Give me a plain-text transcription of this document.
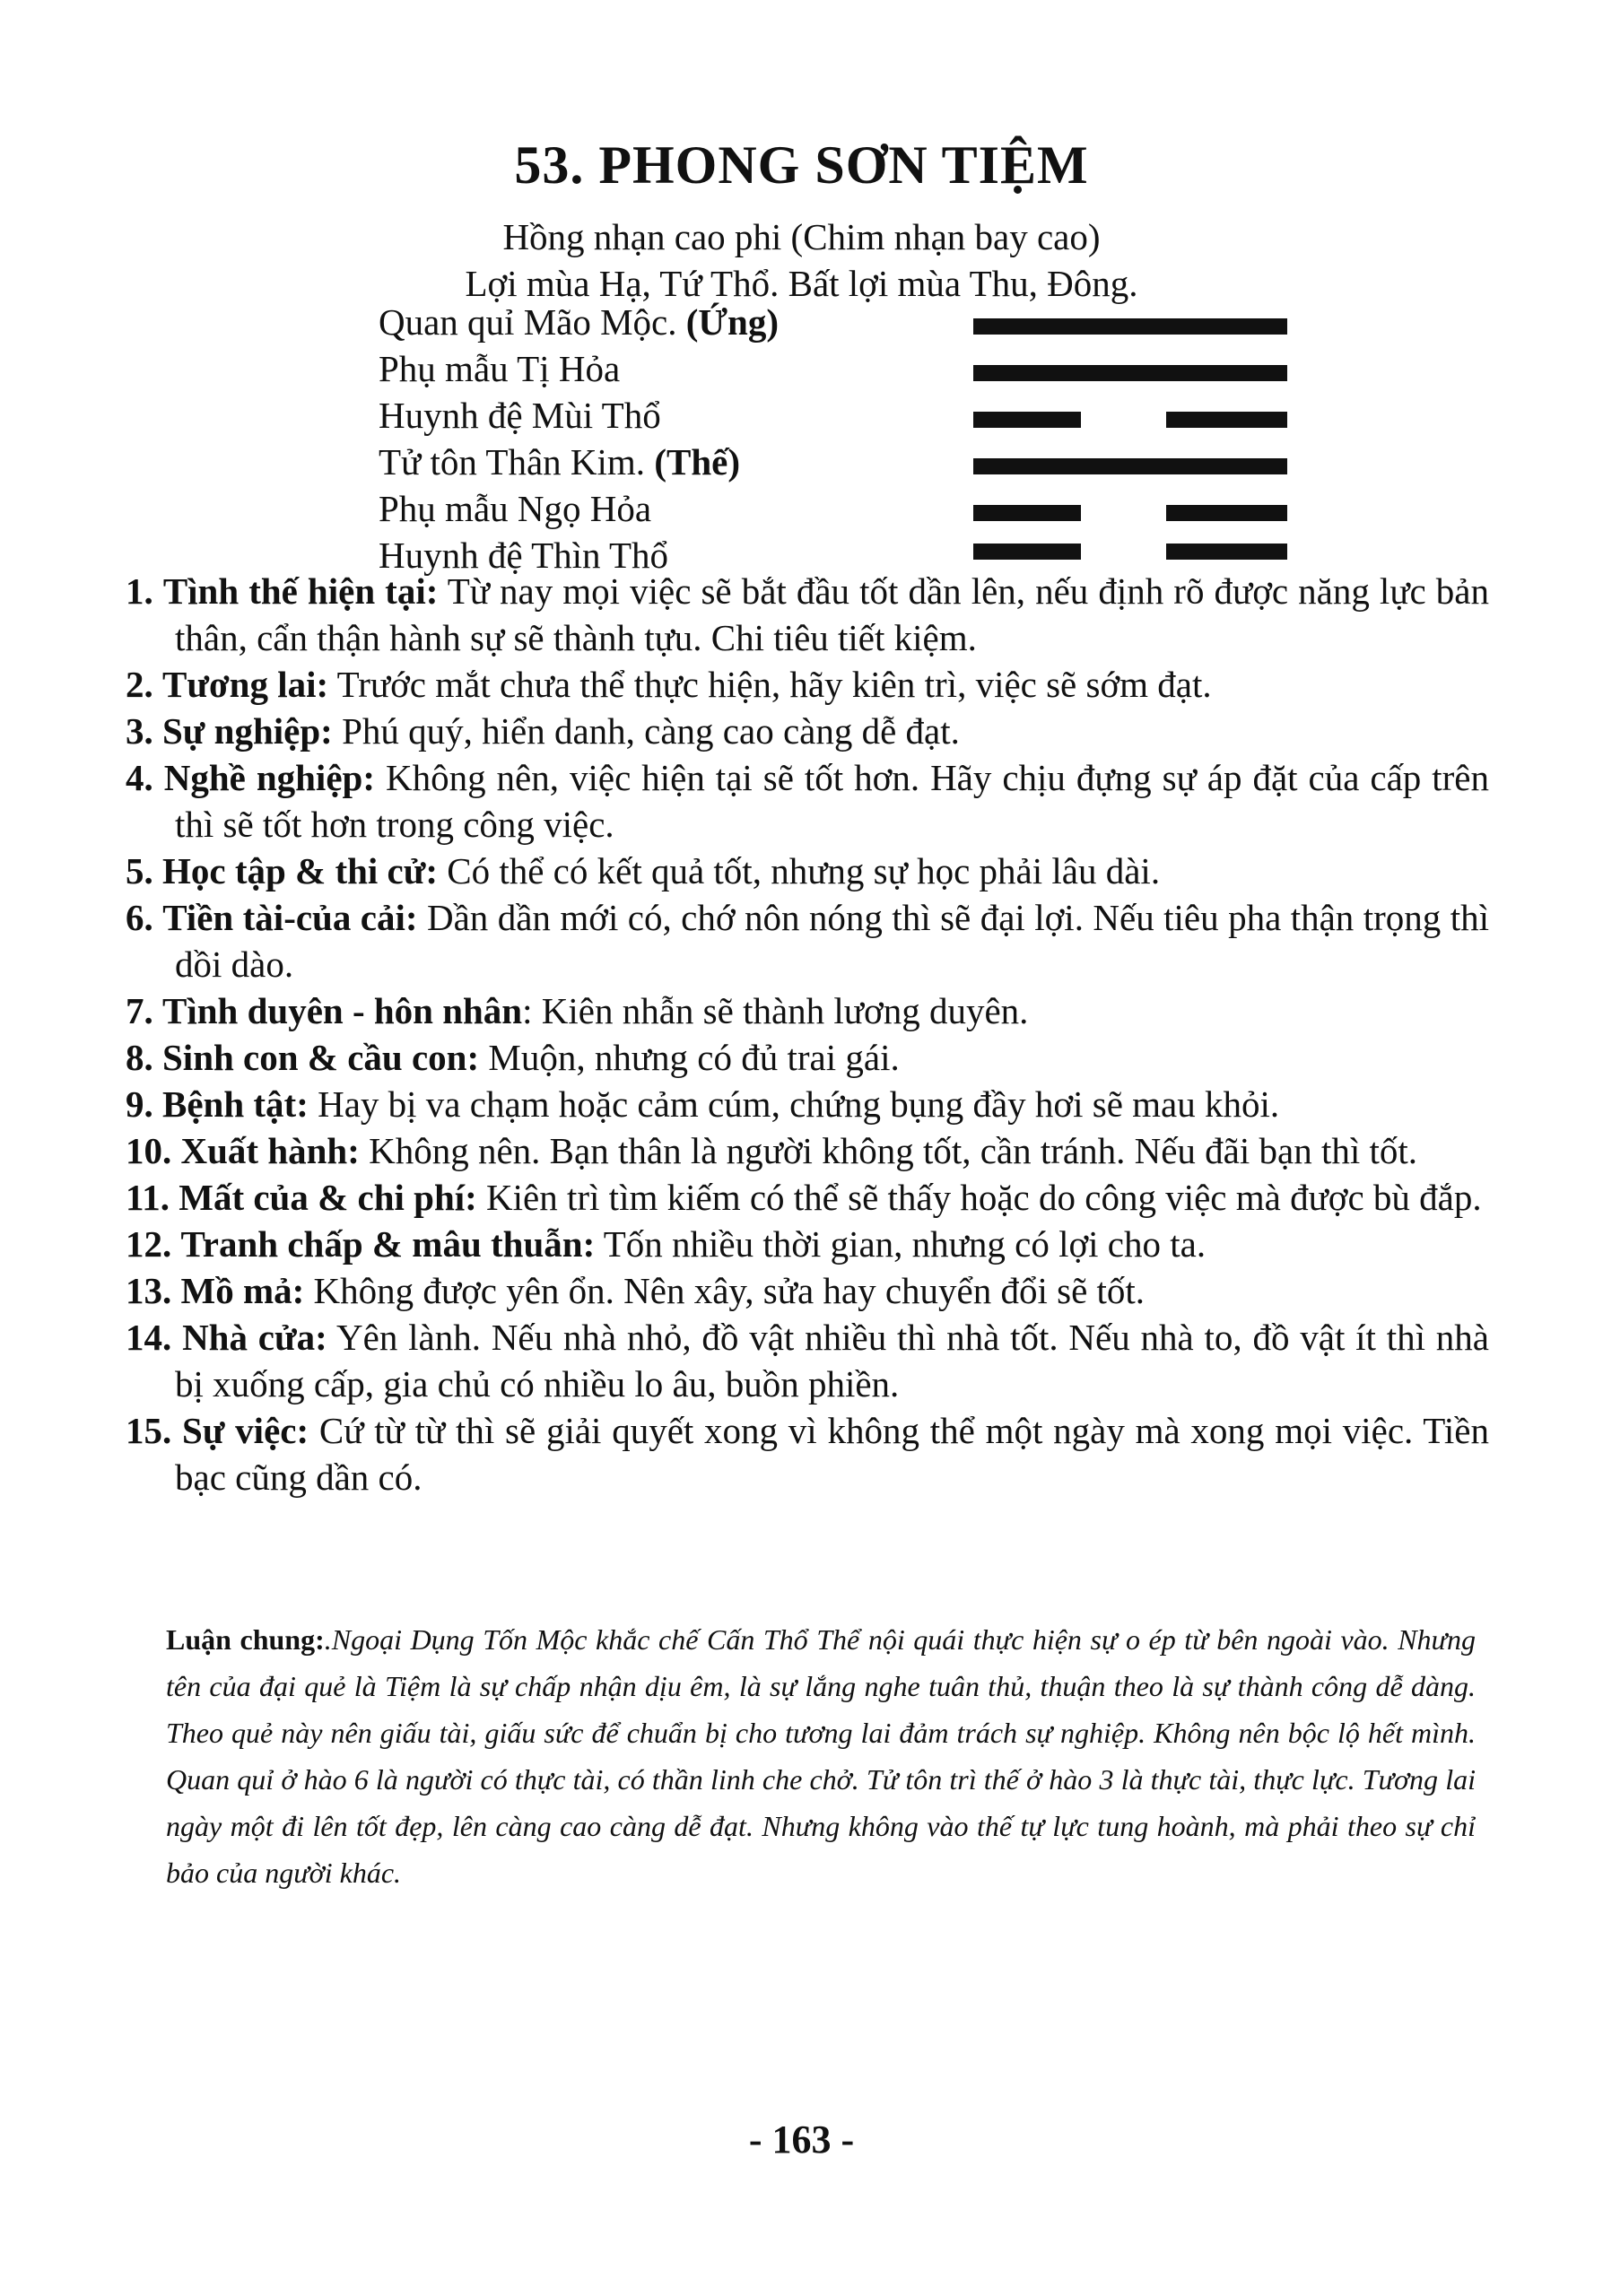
53. PHONG SƠN TIỆM
Hồng nhạn cao phi (Chim nhạn bay cao)
Lợi mùa Hạ, Tứ Thổ. Bất lợi mùa Thu, Đông.
Quan quỉ Mão Mộc. (Ứng)
Phụ mẫu Tị Hỏa
Huynh đệ Mùi Thổ
Tử tôn Thân Kim. (Thế)
Phụ mẫu Ngọ Hỏa
Huynh đệ Thìn Thổ

1. Tình thế hiện tại: Từ nay mọi việc sẽ bắt đầu tốt dần lên, nếu định rõ được năng lực bản thân, cẩn thận hành sự sẽ thành tựu. Chi tiêu tiết kiệm.

2. Tương lai: Trước mắt chưa thể thực hiện, hãy kiên trì, việc sẽ sớm đạt.

3. Sự nghiệp: Phú quý, hiển danh, càng cao càng dễ đạt.

4. Nghề nghiệp: Không nên, việc hiện tại sẽ tốt hơn. Hãy chịu đựng sự áp đặt của cấp trên thì sẽ tốt hơn trong công việc.

5. Học tập & thi cử: Có thể có kết quả tốt, nhưng sự học phải lâu dài.

6. Tiền tài-của cải: Dần dần mới có, chớ nôn nóng thì sẽ đại lợi. Nếu tiêu pha thận trọng thì dồi dào.

7. Tình duyên - hôn nhân: Kiên nhẫn sẽ thành lương duyên.

8. Sinh con & cầu con: Muộn, nhưng có đủ trai gái.

9. Bệnh tật: Hay bị va chạm hoặc cảm cúm, chứng bụng đầy hơi sẽ mau khỏi.

10. Xuất hành: Không nên. Bạn thân là người không tốt, cần tránh. Nếu đãi bạn thì tốt.

11. Mất của & chi phí: Kiên trì tìm kiếm có thể sẽ thấy hoặc do công việc mà được bù đắp.

12. Tranh chấp & mâu thuẫn: Tốn nhiều thời gian, nhưng có lợi cho ta.

13. Mồ mả: Không được yên ổn. Nên xây, sửa hay chuyển đổi sẽ tốt.

14. Nhà cửa: Yên lành. Nếu nhà nhỏ, đồ vật nhiều thì nhà tốt. Nếu nhà to, đồ vật ít thì nhà bị xuống cấp, gia chủ có nhiều lo âu, buồn phiền.

15. Sự việc: Cứ từ từ thì sẽ giải quyết xong vì không thể một ngày mà xong mọi việc. Tiền bạc cũng dần có.

Luận chung:.Ngoại Dụng Tốn Mộc khắc chế Cấn Thổ Thể nội quái thực hiện sự o ép từ bên ngoài vào. Nhưng tên của đại quẻ là Tiệm là sự chấp nhận dịu êm, là sự lắng nghe tuân thủ, thuận theo là sự thành công dễ dàng. Theo quẻ này nên giấu tài, giấu sức để chuẩn bị cho tương lai đảm trách sự nghiệp. Không nên bộc lộ hết mình. Quan quỉ ở hào 6 là người có thực tài, có thần linh che chở. Tử tôn trì thế ở hào 3 là thực tài, thực lực. Tương lai ngày một đi lên tốt đẹp, lên càng cao càng dễ đạt. Nhưng không vào thế tự lực tung hoành, mà phải theo sự chỉ bảo của người khác.

- 163 -
